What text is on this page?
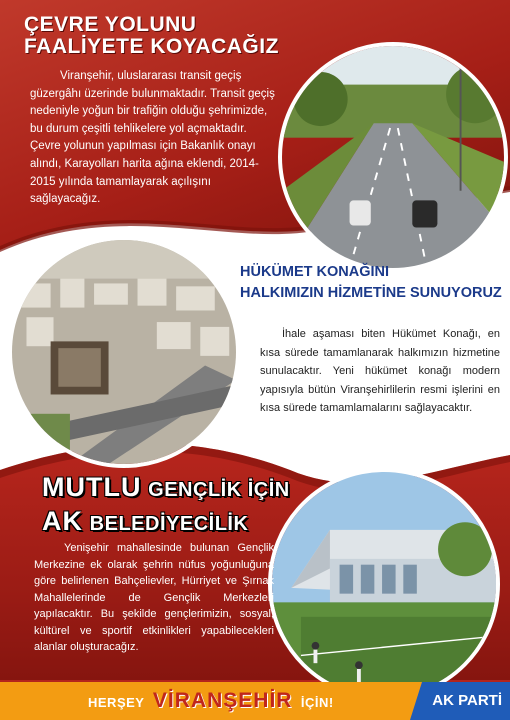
ÇEVRE YOLUNU
FAALİYETE KOYACAĞIZ

Viranşehir, uluslararası transit geçiş güzergâhı üzerinde bulunmaktadır. Transit geçiş nedeniyle yoğun bir trafiğin olduğu şehrimizde, bu durum çeşitli tehlikelere yol açmaktadır. Çevre yolunun yapılması için Bakanlık onayı alındı, Karayolları harita ağına eklendi, 2014-2015 yılında tamamlayarak açılışını sağlayacağız.

HÜKÜMET KONAĞINI
HALKIMIZIN HİZMETİNE SUNUYORUZ

İhale aşaması biten Hükümet Konağı, en kısa sürede tamamlanarak halkımızın hizmetine sunulacaktır. Yeni hükümet konağı modern yapısıyla bütün Viranşehirlilerin resmi işlerini en kısa sürede tamamlamalarını sağlayacaktır.

MUTLU GENÇLİK İÇİN
AK BELEDİYECİLİK

Yenişehir mahallesinde bulunan Gençlik Merkezine ek olarak şehrin nüfus yoğunluğuna göre belirlenen Bahçelievler, Hürriyet ve Şırnak Mahallelerinde de Gençlik Merkezleri yapılacaktır. Bu şekilde gençlerimizin, sosyal, kültürel ve sportif etkinlikleri yapabilecekleri alanlar oluşturacağız.

HERŞEY VİRANŞEHİR İÇİN!	AK PARTİ
